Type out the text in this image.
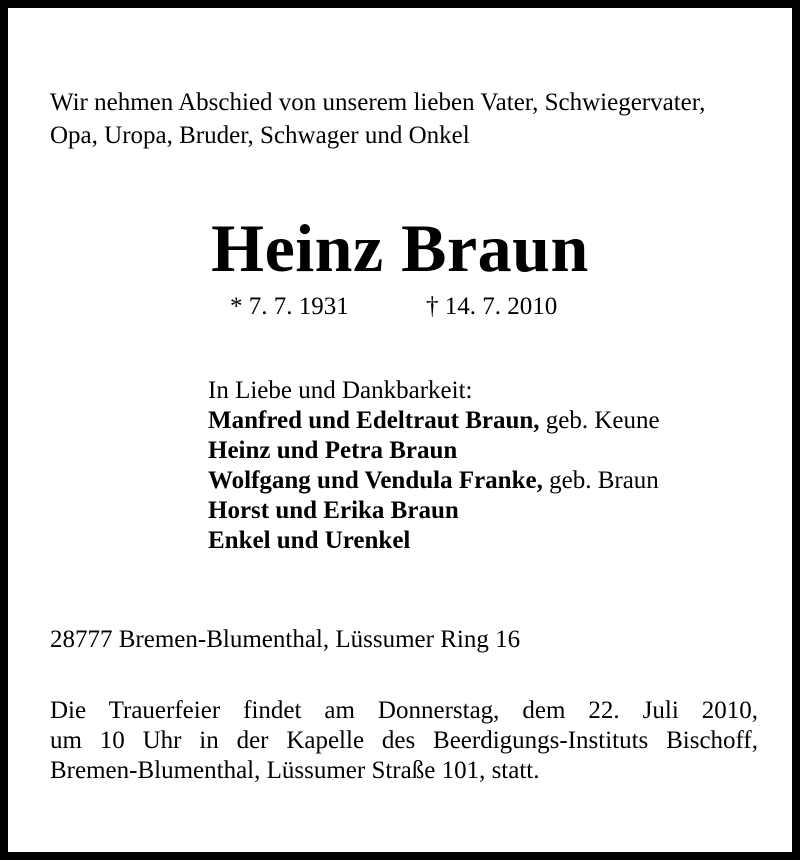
Wir nehmen Abschied von unserem lieben Vater, Schwiegervater,
Opa, Uropa, Bruder, Schwager und Onkel
Heinz Braun
* 7. 7. 1931	† 14. 7. 2010
In Liebe und Dankbarkeit:
Manfred und Edeltraut Braun, geb. Keune
Heinz und Petra Braun
Wolfgang und Vendula Franke, geb. Braun
Horst und Erika Braun
Enkel und Urenkel
28777 Bremen-Blumenthal, Lüssumer Ring 16
Die Trauerfeier findet am Donnerstag, dem 22. Juli 2010,
um 10 Uhr in der Kapelle des Beerdigungs-Instituts Bischoff,
Bremen-Blumenthal, Lüssumer Straße 101, statt.
